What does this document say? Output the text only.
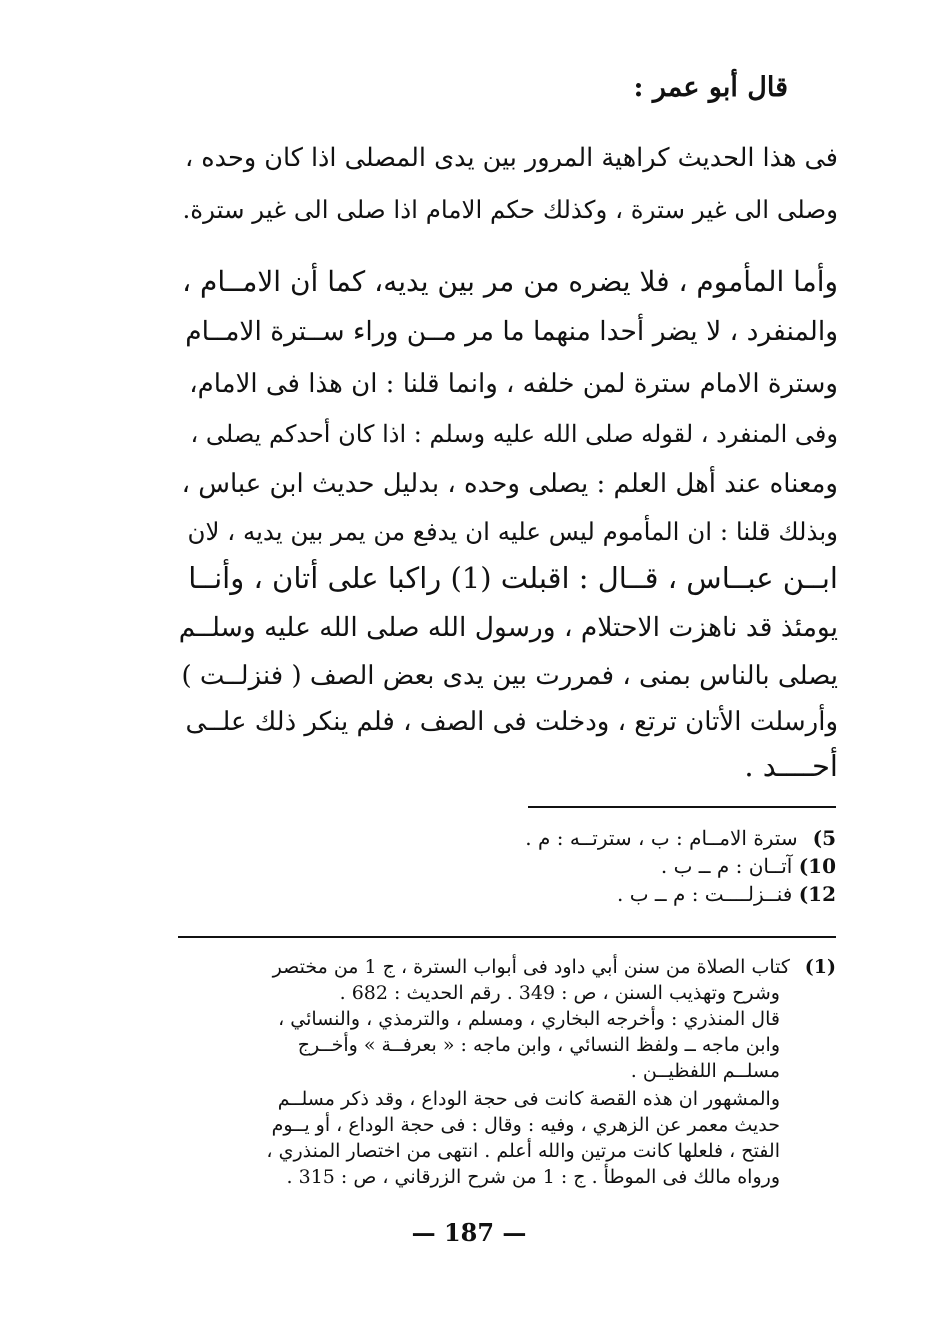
قال أبو عمر :
فى هذا الحديث كراهية المرور بين يدى المصلى اذا كان وحده ،
وصلى الى غير سترة ، وكذلك حكم الامام اذا صلى الى غير سترة.
وأما المأموم ، فلا يضره من مر بين يديه، كما أن الامــام ،
والمنفرد ، لا يضر أحدا منهما ما مر مــن وراء ســترة الامــام
وسترة الامام سترة لمن خلفه ، وانما قلنا : ان هذا فى الامام،
وفى المنفرد ، لقوله صلى الله عليه وسلم : اذا كان أحدكم يصلى ،
ومعناه عند أهل العلم : يصلى وحده ، بدليل حديث ابن عباس ،
وبذلك قلنا : ان المأموم ليس عليه ان يدفع من يمر بين يديه ، لان
ابــن عبــاس ، قــال : اقبلت (1) راكبا على أتان ، وأنــا
يومئذ قد ناهزت الاحتلام ، ورسول الله صلى الله عليه وسلــم
يصلى بالناس بمنى ، فمررت بين يدى بعض الصف ( فنزلــت )
وأرسلت الأتان ترتع ، ودخلت فى الصف ، فلم ينكر ذلك علــى
أحــــد .
5) سترة الامــام : ب ، سترتــه : م .
10) آتــان : م ــ ب .
12) فنــزلــــت : م ــ ب .
(1) كتاب الصلاة من سنن أبي داود فى أبواب السترة ، ج 1 من مختصر
وشرح وتهذيب السنن ، ص : 349 . رقم الحديث : 682 .
قال المنذري : وأخرجه البخاري ، ومسلم ، والترمذي ، والنسائي ،
وابن ماجه ــ ولفظ النسائي ، وابن ماجه : « بعرفــة » وأخــرج
مسلــم اللفظيــن .
والمشهور ان هذه القصة كانت فى حجة الوداع ، وقد ذكر مسلــم
حديث معمر عن الزهري ، وفيه : وقال : فى حجة الوداع ، أو يــوم
الفتح ، فلعلها كانت مرتين والله أعلم . انتهى من اختصار المنذري ،
ورواه مالك فى الموطأ . ج : 1 من شرح الزرقاني ، ص : 315 .
— 187 —
